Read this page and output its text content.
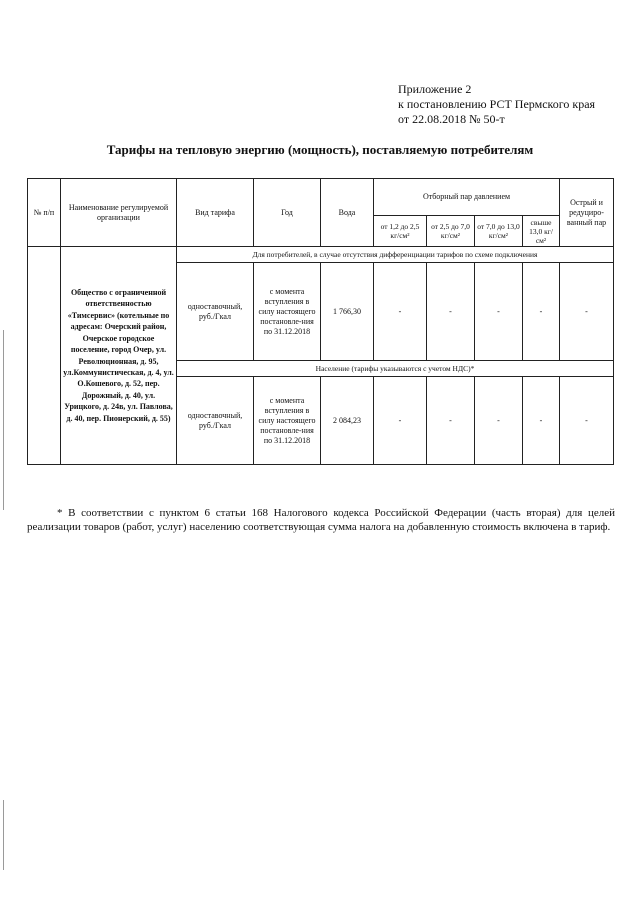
Приложение 2
к постановлению РСТ Пермского края
от 22.08.2018 № 50-т
Тарифы на тепловую энергию (мощность), поставляемую потребителям
№ п/п	Наименование регулируемой организации	Вид тарифа	Год	Вода	Отборный пар давлением				Острый и редуциро-ванный пар
					от 1,2 до 2,5 кг/см²	от 2,5 до 7,0 кг/см²	от 7,0 до 13,0 кг/см²	свыше 13,0 кг/см²	
	Общество с ограниченной ответственностью «Тимсервис» (котельные по адресам: Очерский район, Очерское городское поселение, город Очер, ул. Революционная, д. 95, ул.Коммунистическая, д. 4, ул. О.Кошевого, д. 52, пер. Дорожный, д. 40, ул. Урицкого, д. 24в, ул. Павлова, д. 40, пер. Пионерский, д. 55)	Для потребителей, в случае отсутствия дифференциации тарифов по схеме подключения							
		одноставочный, руб./Гкал	с момента вступления в силу настоящего постановле-ния по 31.12.2018	1 766,30	-	-	-	-	-
		Население (тарифы указываются с учетом НДС)*							
		одноставочный, руб./Гкал	с момента вступления в силу настоящего постановле-ния по 31.12.2018	2 084,23	-	-	-	-	-
* В соответствии с пунктом 6 статьи 168 Налогового кодекса Российской Федерации (часть вторая) для целей реализации товаров (работ, услуг) населению соответствующая сумма налога на добавленную стоимость включена в тариф.
